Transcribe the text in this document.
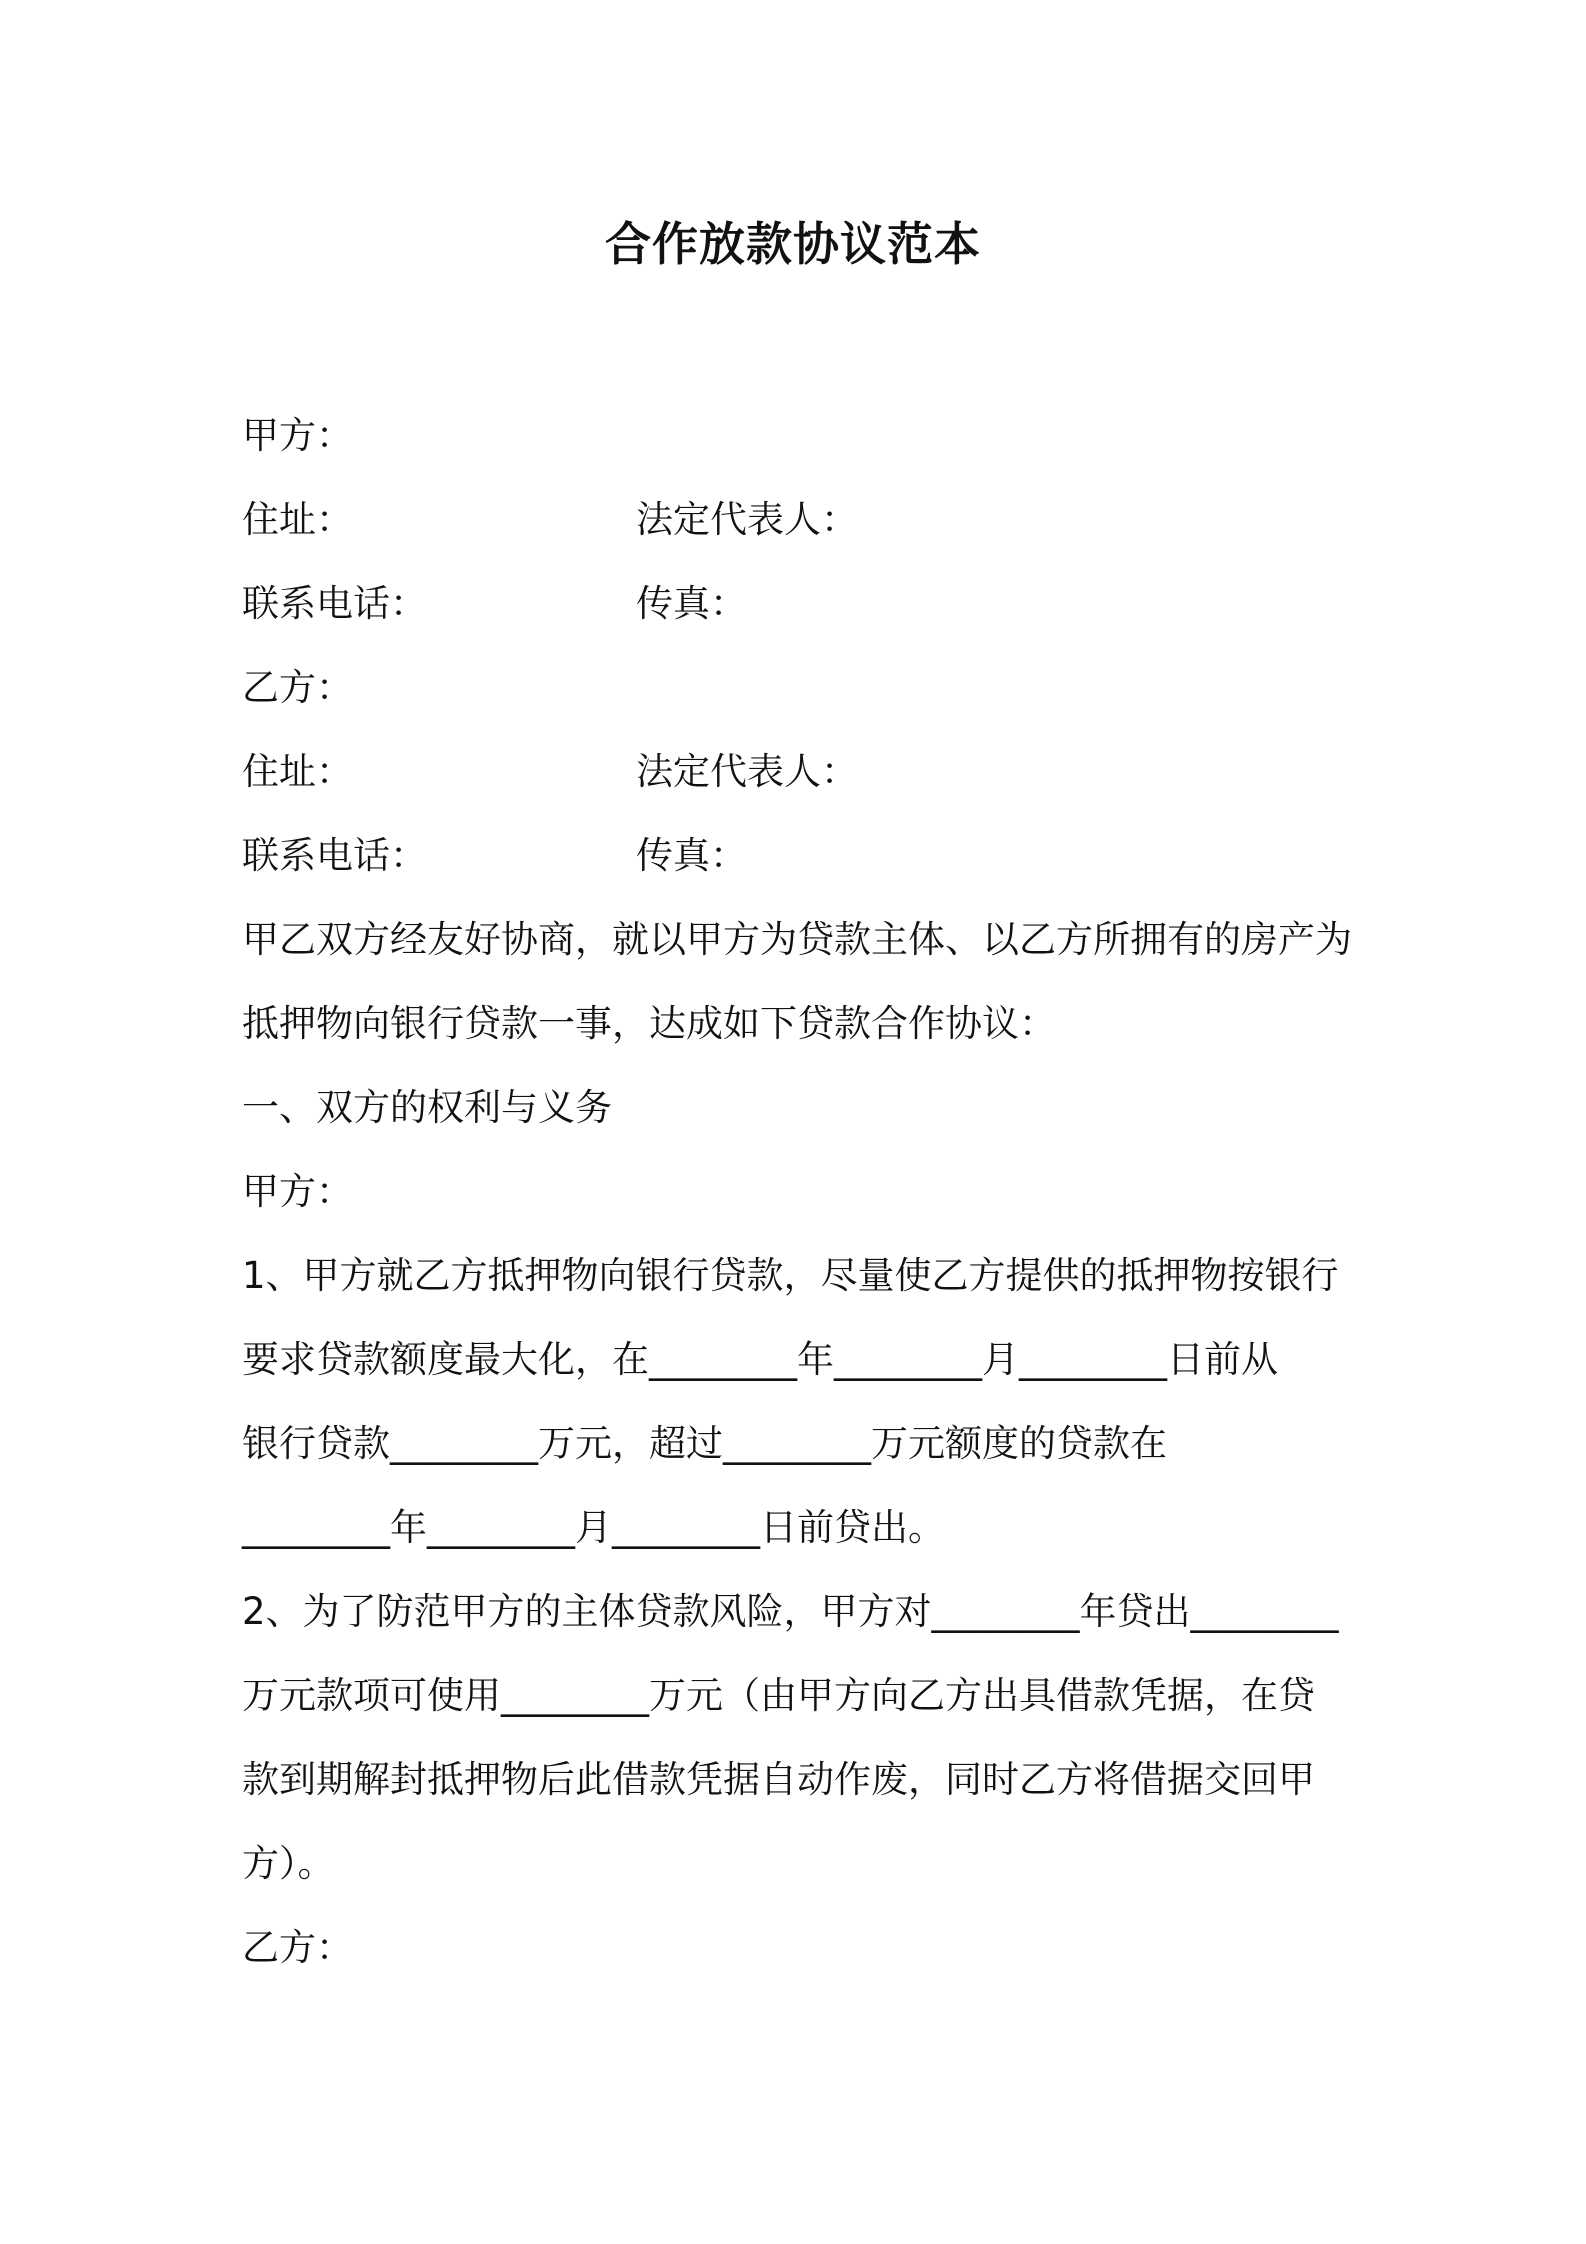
合作放款协议范本
甲方：
住址：	法定代表人：
联系电话：	传真：
乙方：
住址：	法定代表人：
联系电话：	传真：
甲乙双方经友好协商，就以甲方为贷款主体、以乙方所拥有的房产为
抵押物向银行贷款一事，达成如下贷款合作协议：
一、双方的权利与义务
甲方：
1、甲方就乙方抵押物向银行贷款，尽量使乙方提供的抵押物按银行
要求贷款额度最大化，在________年________月________日前从
银行贷款________万元，超过________万元额度的贷款在
________年________月________日前贷出。
2、为了防范甲方的主体贷款风险，甲方对________年贷出________
万元款项可使用________万元（由甲方向乙方出具借款凭据，在贷
款到期解封抵押物后此借款凭据自动作废，同时乙方将借据交回甲
方）。
乙方：
